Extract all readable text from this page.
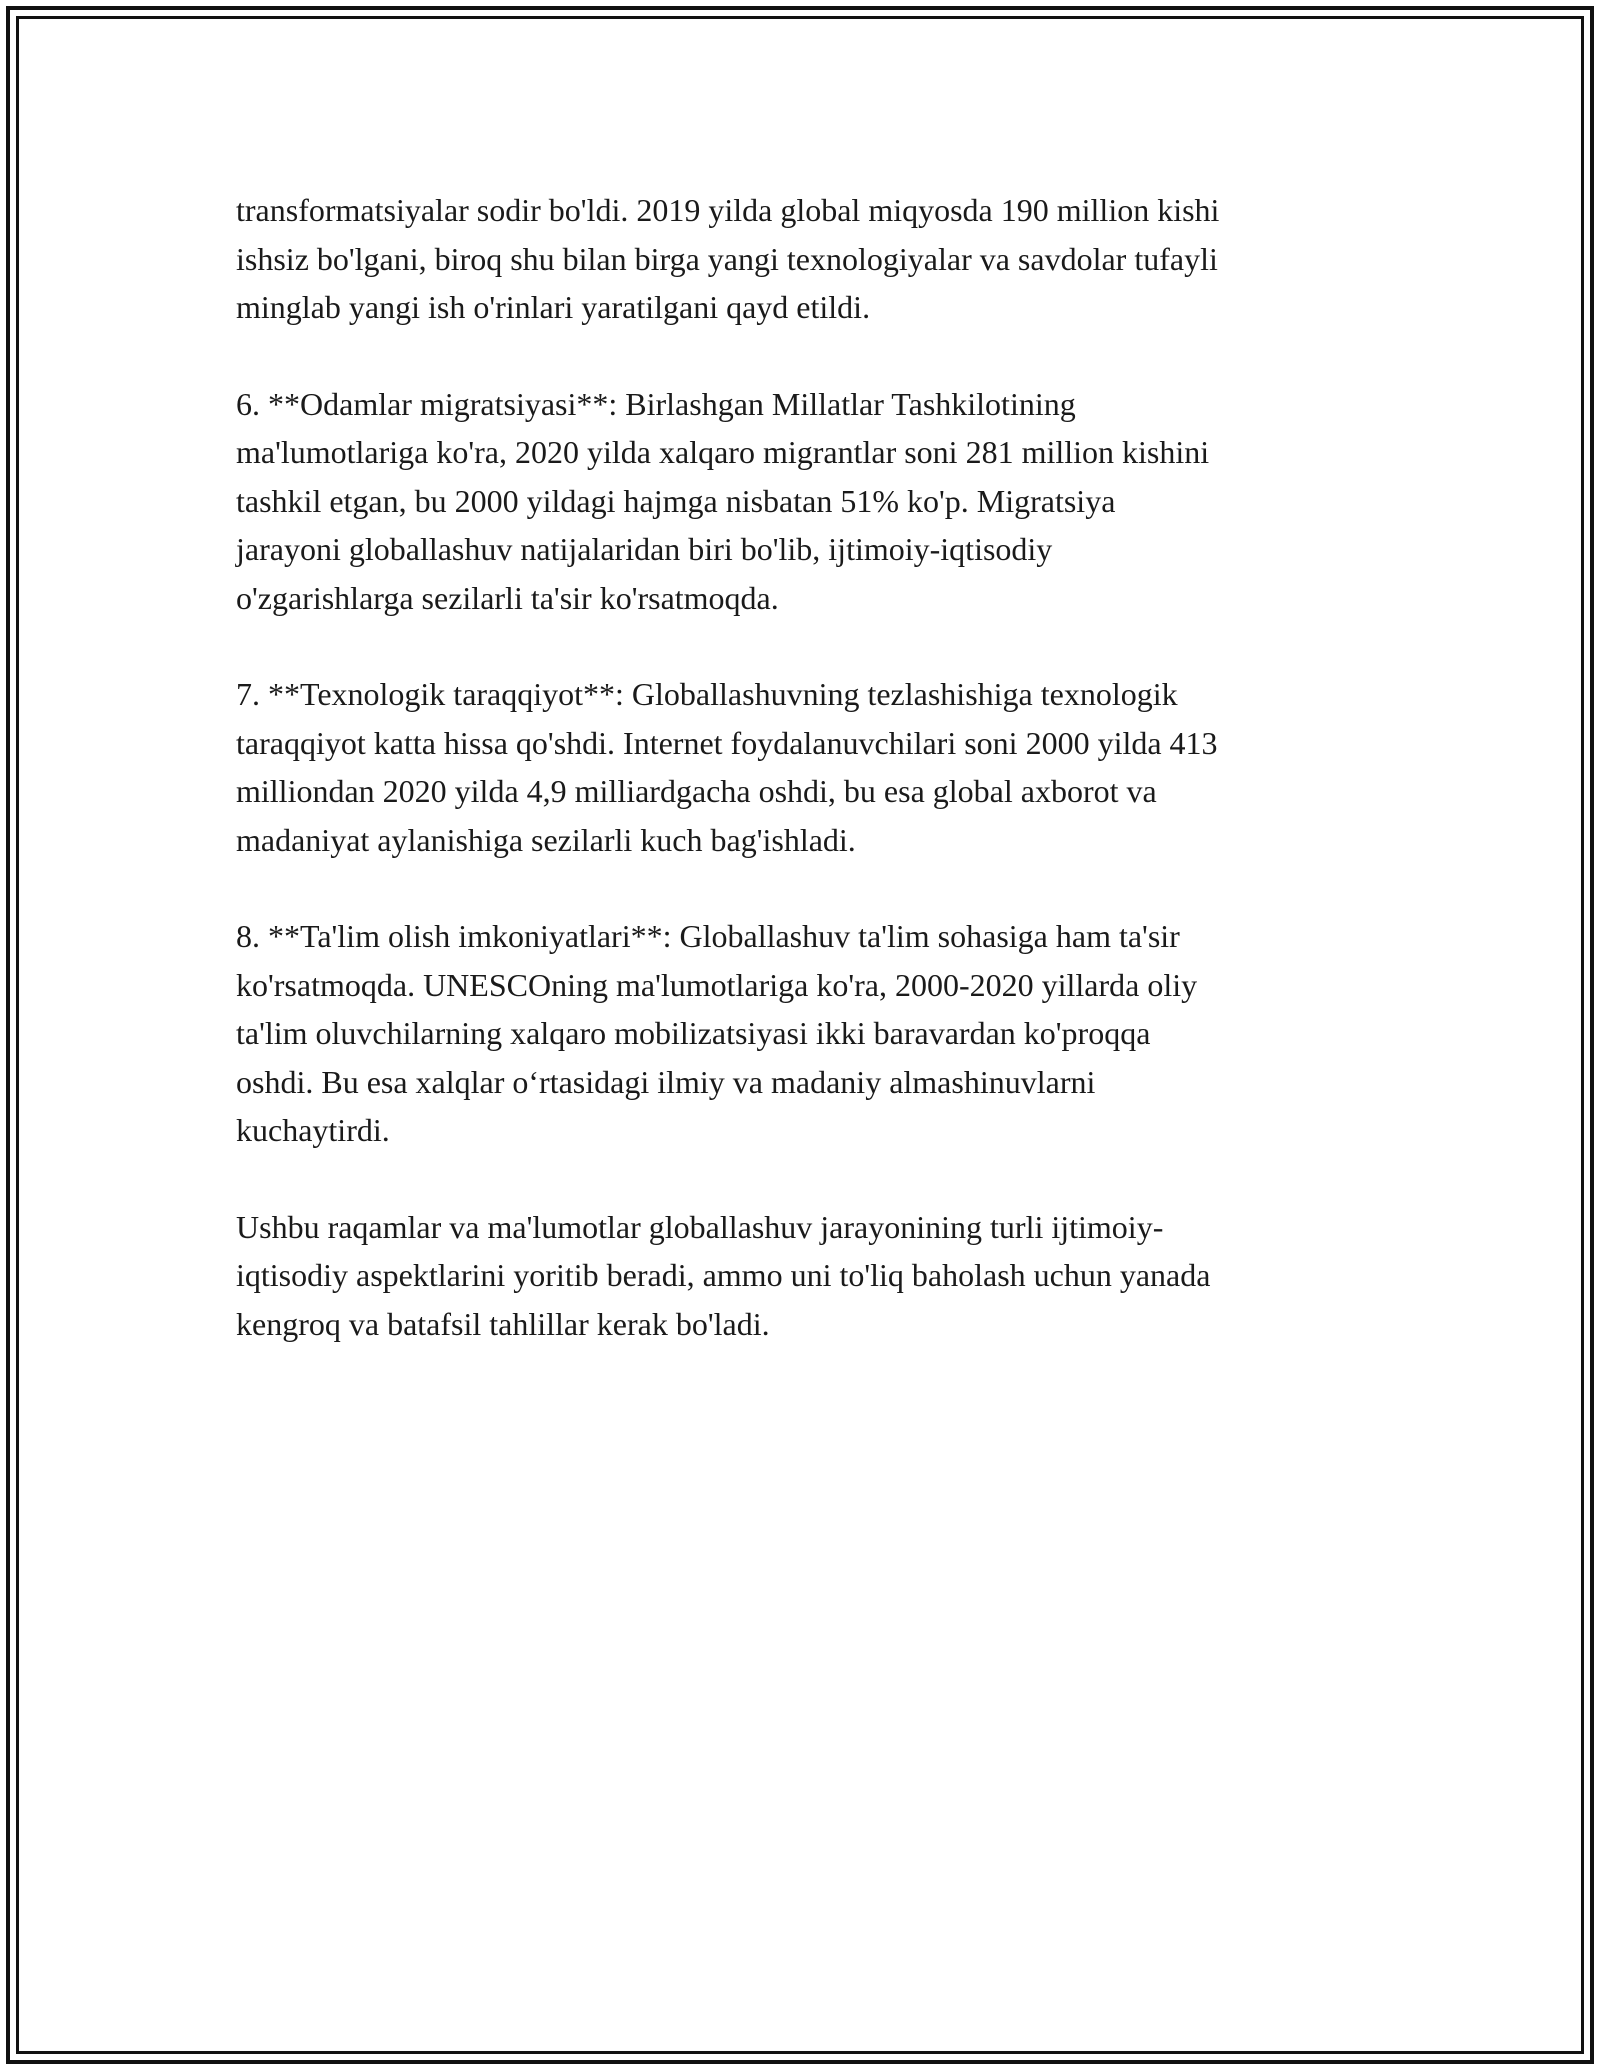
transformatsiyalar sodir bo'ldi. 2019 yilda global miqyosda 190 million kishi
ishsiz bo'lgani, biroq shu bilan birga yangi texnologiyalar va savdolar tufayli
minglab yangi ish o'rinlari yaratilgani qayd etildi.

6. **Odamlar migratsiyasi**: Birlashgan Millatlar Tashkilotining
ma'lumotlariga ko'ra, 2020 yilda xalqaro migrantlar soni 281 million kishini
tashkil etgan, bu 2000 yildagi hajmga nisbatan 51% ko'p. Migratsiya
jarayoni globallashuv natijalaridan biri bo'lib, ijtimoiy-iqtisodiy
o'zgarishlarga sezilarli ta'sir ko'rsatmoqda.

7. **Texnologik taraqqiyot**: Globallashuvning tezlashishiga texnologik
taraqqiyot katta hissa qo'shdi. Internet foydalanuvchilari soni 2000 yilda 413
milliondan 2020 yilda 4,9 milliardgacha oshdi, bu esa global axborot va
madaniyat aylanishiga sezilarli kuch bag'ishladi.

8. **Ta'lim olish imkoniyatlari**: Globallashuv ta'lim sohasiga ham ta'sir
ko'rsatmoqda. UNESCOning ma'lumotlariga ko'ra, 2000-2020 yillarda oliy
ta'lim oluvchilarning xalqaro mobilizatsiyasi ikki baravardan ko'proqqa
oshdi. Bu esa xalqlar o‘rtasidagi ilmiy va madaniy almashinuvlarni
kuchaytirdi.

Ushbu raqamlar va ma'lumotlar globallashuv jarayonining turli ijtimoiy-
iqtisodiy aspektlarini yoritib beradi, ammo uni to'liq baholash uchun yanada
kengroq va batafsil tahlillar kerak bo'ladi.
